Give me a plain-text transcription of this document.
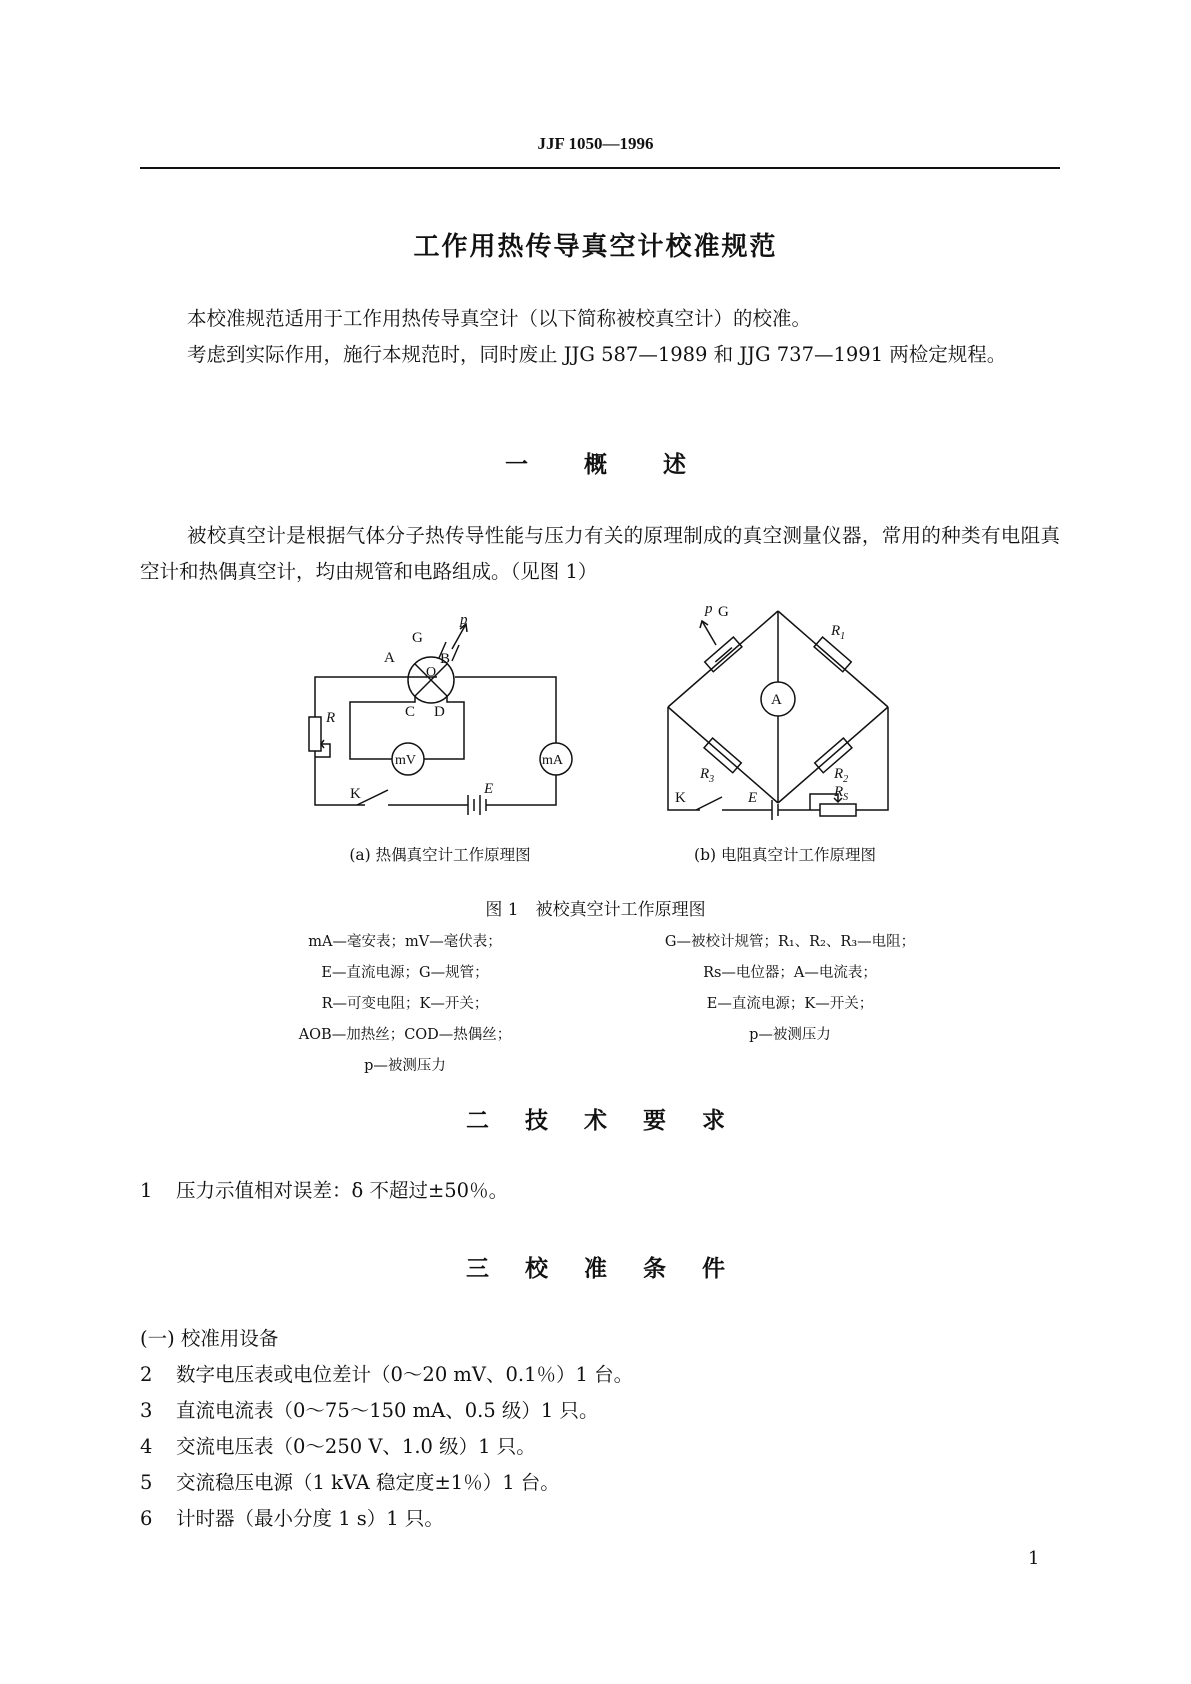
JJF 1050—1996
工作用热传导真空计校准规范
本校准规范适用于工作用热传导真空计（以下简称被校真空计）的校准。
考虑到实际作用，施行本规范时，同时废止 JJG 587—1989 和 JJG 737—1991 两检定规程。
一 概 述
被校真空计是根据气体分子热传导性能与压力有关的原理制成的真空测量仪器，常用的种类有电阻真空计和热偶真空计，均由规管和电路组成。（见图 1）
G
p
A
O
B
C D
R
mA
mV
K	E
p G
$R_1$
A
$R_3$	$R_2$
K	E	$R_S$
(a) 热偶真空计工作原理图	(b) 电阻真空计工作原理图
图 1　被校真空计工作原理图
mA—毫安表；mV—毫伏表；
E—直流电源；G—规管；
R—可变电阻；K—开关；
AOB—加热丝；COD—热偶丝；
p—被测压力
G—被校计规管；R₁、R₂、R₃—电阻；
Rs—电位器；A—电流表；
E—直流电源；K—开关；
p—被测压力
二 技 术 要 求
1 压力示值相对误差：δ 不超过±50％。
三 校 准 条 件
(一) 校准用设备
2 数字电压表或电位差计（0～20 mV、0.1％）1 台。
3 直流电流表（0～75～150 mA、0.5 级）1 只。
4 交流电压表（0～250 V、1.0 级）1 只。
5 交流稳压电源（1 kVA 稳定度±1％）1 台。
6 计时器（最小分度 1 s）1 只。
1
